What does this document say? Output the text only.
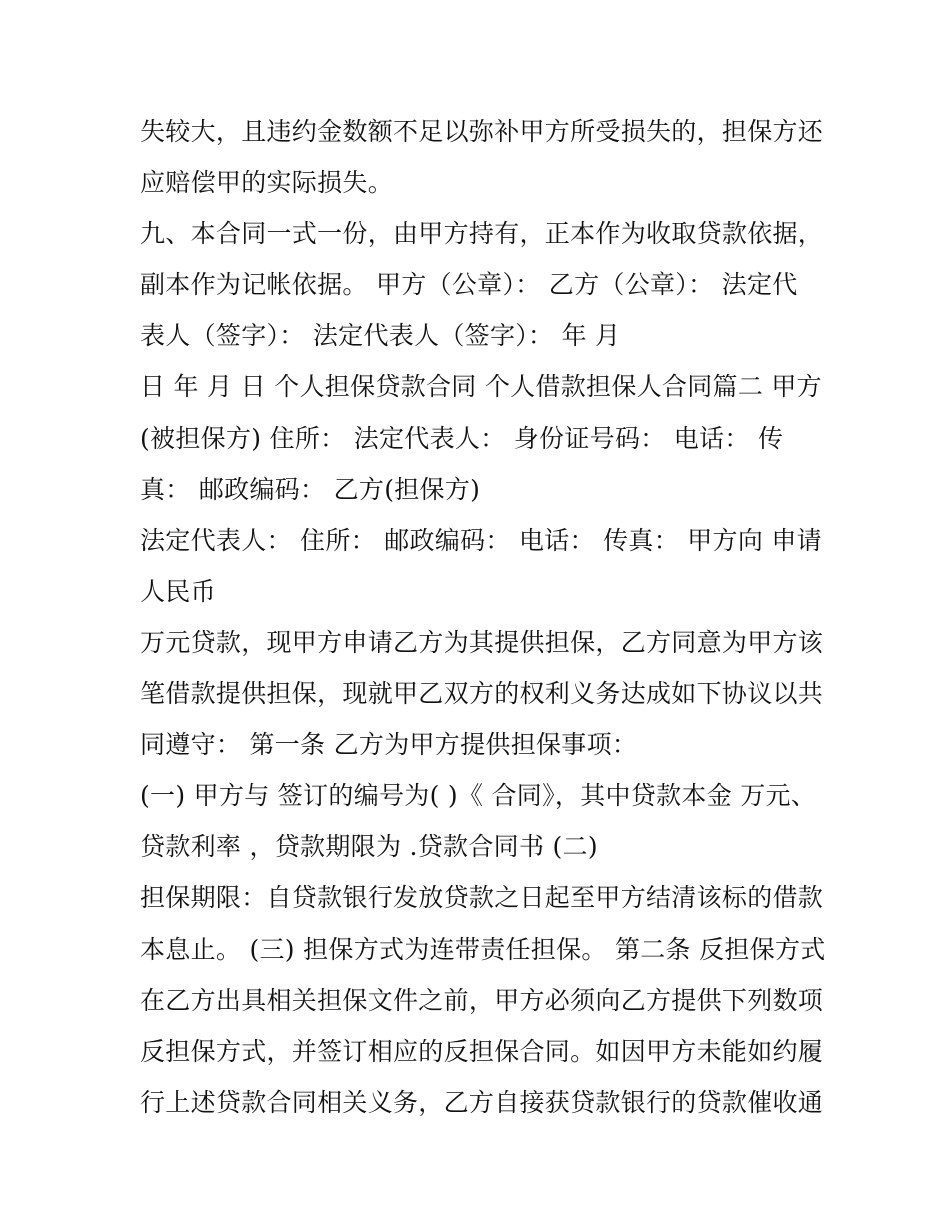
失较大，且违约金数额不足以弥补甲方所受损失的，担保方还
应赔偿甲的实际损失。
九、本合同一式一份，由甲方持有，正本作为收取贷款依据，
副本作为记帐依据。 甲方（公章）： 乙方（公章）： 法定代
表人（签字）： 法定代表人（签字）： 年 月
日 年 月 日 个人担保贷款合同 个人借款担保人合同篇二 甲方
(被担保方) 住所： 法定代表人： 身份证号码： 电话： 传
真： 邮政编码： 乙方(担保方)
法定代表人： 住所： 邮政编码： 电话： 传真： 甲方向 申请
人民币
万元贷款，现甲方申请乙方为其提供担保，乙方同意为甲方该
笔借款提供担保，现就甲乙双方的权利义务达成如下协议以共
同遵守： 第一条 乙方为甲方提供担保事项：
(一) 甲方与 签订的编号为( )《 合同》，其中贷款本金 万元、
贷款利率 ，贷款期限为 .贷款合同书 (二)
担保期限：自贷款银行发放贷款之日起至甲方结清该标的借款
本息止。 (三) 担保方式为连带责任担保。 第二条 反担保方式
在乙方出具相关担保文件之前，甲方必须向乙方提供下列数项
反担保方式，并签订相应的反担保合同。如因甲方未能如约履
行上述贷款合同相关义务，乙方自接获贷款银行的贷款催收通
